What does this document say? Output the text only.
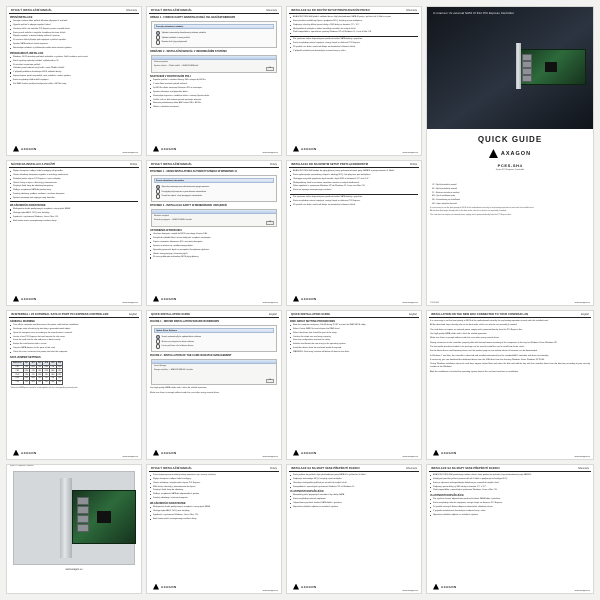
RYCHLÝ INSTALAČNÍ MANUÁL	Slovensky
PRVNÍ INSTALACE
Jemným stiskem dlaní počítač dětskou přípojnost k ochraně.
Vypněte počítač a odpojte napájecí kabel.
Otevřete skříň a do volného PCI Express pozice nasaďte kartu.
Kartu pevně zatlačte a zajistěte šroubkem do rámu skříně.
Připojte napájecí a datové kabely zařízení k portům.
Po zavření skříně připojte zpět napájení a počítač zapněte.
Systém SATA zařízení ihned rozpozná.
Nainstalujte ovladače z přiloženého média nebo stránek výrobce.
PROGRAMOVÁ INSTALACE
Windows 10/11 obsahuje potřebné ovladače v systému. Další instalace není nutná.
Starší systémy vyžadují ovladač z přiloženého CD.
Po instalaci restartujte počítač.
Ovládací panel zobrazí nový řadič v sekci Řadiče úložišť.
V případě problému aktualizujte BIOS základní desky.
Doporučujeme použít nejnovější verzi ovladače z webu výrobce.
Karta nevyžaduje žádné další napájení.
Pro RAID funkce použijte konfigurační utilitu v BIOSu karty.
AXAGON
www.axagon.eu
RYCHLÝ INSTALAČNÍ MANUÁL	Slovensky
OBSAH 1 - FUNKCE KARTY NAINSTALOVANÁ OVLADAČEM WINDOWS
Průvodce aktualizací ovladače
Vyhledat automaticky aktualizovaný software ovladače
Vyhledat ovladače v tomto počítači
Nemám disk / jiný poskytovatel
OBRÁZEK 2 - INSTALAČNÍ MANUÁL V INFORMAČNÍM SYSTÉMU
Vlastnosti systému
Správce zařízení → Řadiče úložišť → AXAGON SATA řadič
OK
NASTAVENÍ V BOOTOVACÍM POLI
Zapněte počítač a stiskem klávesy DEL vstupte do BIOSu.
V sekci Boot nastavte pořadí zařízení.
Do BIOSu uložte nastavení klávesou F10 a restartujte.
Systém nabootuje z připojeného disku.
Zkontrolujte kapacitu a rozdělení disku v nástroji Správa disků.
Ověřte, zda se disk zobrazuje pod správným názvem.
Nastavte požadovaný režim AHCI nebo IDE v BIOSu.
Uložte a ukončete nastavení.
AXAGON
www.axagon.eu
INSTALACE SA DO NOVÝM SETUP PREPOJOVACÍM PRVKU	Slovensky
AXAGON PCES-SH4 přidá k základní desce čtyři plnohodnotné SATA III porty s rychlostí až 6 Gbit/s na port.
Karta používá osvědčený čipset s podporou NCQ, hot-plug a port multiplieru.
Podporuje všechny běžné pevné disky a SSD disky ve formátu 2,5" i 3,5".
Nízkoprofilová záslepka v balení umožňuje montáž i do malých skříní.
Plně kompatibilní s operačními systémy Windows XP až Windows 11, Linux a Mac OS.
Pro správnou funkci doporučujeme používat kvalitní SATA kabely s pojistkou.
Karta nevyžaduje externí napájení, energii čerpá ze sběrnice PCI Express.
Při použití více disků současně dbejte na dostatečné chlazení skříně.
V případě nefunkčnosti zkontrolujte usazení karty ve slotu.
AXAGON
www.axagon.eu
In internal / 2x external SATA III Port PCI Express Controller
QUICK GUIDE
AXAGON
PCES-SH4
4-port PCI Express Controller
CZ - Rychlý instalační manuál
SK - Rýchly inštalačný manuál
PL - Skrócona instrukcja instalacji
EN - Quick installation guide
DE - Kurzanleitung zur Installation
HU - Gyors telepítési útmutató
It is necessary to set the boot priority in BIOS of the motherboard correctly for any booting operation to work with the installed card.
All the described steps already refer to the boot order, which can also be set manually if needed.
The card does not require an external power supply and is powered directly from the PCI Express bus.
PCES-SH4	www.axagon.eu
NÁVOD NA INSTALACI A POUŽITÍ	Polsky
Wyłącz komputer i odłącz kabel zasilający od gniazdka.
Otwórz obudowę komputera zgodnie z instrukcją producenta.
Zlokalizuj wolne złącze PCI Express i usuń zaślepkę.
Umieść kartę w złączu i dociśnij ją równomiernie.
Przykręć śledź karty do obudowy komputera.
Podłącz urządzenia SATA do portów karty.
Zamknij obudowę, podłącz zasilanie i uruchom komputer.
System automatycznie wykryje nowy kontroler.
WŁAŚCIWOŚCI DODATKOWE
Maksymalna liczba podłączonych urządzeń: cztery dyski SATA.
Obsługa trybu AHCI, NCQ oraz hot-plug.
Zgodność z systemami Windows, Linux i Mac OS.
Brak konieczności zewnętrznego zasilania karty.
AXAGON
www.axagon.eu
RYCHLÝ INSTALAČNÍ MANUÁL	Polsky
RYSUNEK 1 - OKNO INSTALATORA AUTOMATYCZNEGO W WINDOWS 11
Kreator aktualizacji sterownika
Wyszukaj automatycznie zaktualizowane oprogramowanie
Przeglądaj mój komputer w poszukiwaniu sterowników
Pozwól mi wybrać z listy dostępnych sterowników
RYSUNEK 2 - INSTALACJA KARTY W MENEDŻERZE URZĄDZEŃ
Menedżer urządzeń
Kontrolery magazynu → AXAGON SATA Controller
OK
USTAWIENIA W BIOS/UEFI
Uruchom komputer i wejdź do BIOS naciskając klawisz DEL.
Przejdź do zakładki Boot i ustaw kolejność urządzeń startowych.
Zapisz ustawienia klawiszem F10 i zrestartuj komputer.
System uruchomi się z podłączonego dysku.
Sprawdź pojemność dysku w narzędziu Zarządzanie dyskami.
Utwórz nową partycję i sformatuj dysk.
W razie problemów zaktualizuj BIOS płyty głównej.
AXAGON
www.axagon.eu
INSTALACJA DO NA NOWYM SETUP PRZYŁĄCZENIOWYM	Polsky
AXAGON PCES-SH4 dodaje do płyty głównej cztery pełnowartościowe porty SATA III o przepustowości 6 Gbit/s.
Karta wykorzystuje sprawdzony chipset z obsługą NCQ, hot-plug oraz port multipliera.
Obsługuje wszystkie popularne dyski twarde i dyski SSD w formatach 2,5" oraz 3,5".
Niskoprofilowy śledź w zestawie umożliwia montaż w małych obudowach.
Pełna zgodność z systemami Windows XP do Windows 11, Linux oraz Mac OS.
Karta nie wymaga zewnętrznego zasilania.
Pro správnou funkci doporučujeme používat kvalitní SATA kabely s pojistkou.
Karta nevyžaduje externí napájení, energii čerpá ze sběrnice PCI Express.
Při použití více disků současně dbejte na dostatečné chlazení skříně.
AXAGON
www.axagon.eu
IN INTERNAL / 2X EXTERNAL SATA III PORT PCI EXPRESS CONTROLLER	English
GENERAL WARNING
Turn off the computer and disconnect the power cable before installation.
Discharge static electricity by touching a grounded metal object.
Open the computer case according to the manufacturer's manual.
Locate a free PCI Express slot and remove the slot cover.
Insert the card into the slot and press it down evenly.
Fasten the card bracket with a screw.
Connect SATA devices to the ports of the card.
Close the case, reconnect the power and start the computer.
SATA JUMPER SETTINGS
SATA Port	JP1	JP2	JP3	JP4	JP5	JP6
CN1	ON	OFF	ON	OFF	ON	OFF
CN2	OFF	ON	ON	OFF	OFF	ON
CN3*	ON	ON	OFF	ON	OFF	OFF
CN4*	OFF	OFF	OFF	ON	ON	ON
CN5	ON	OFF	ON	ON	OFF	ON
* External eSATA ports cannot be used together with the corresponding internal ports.
AXAGON
www.axagon.eu
QUICK INSTALLATION GUIDE	English
FIGURE 1 - DRIVER INSTALLATION WIZARD IN WINDOWS
Update Driver Software
Search automatically for updated driver software
Browse my computer for driver software
Let me pick from a list of device drivers
FIGURE 2 - INSTALLATION OF THE CARD IN DEVICE MANAGEMENT
Device Manager
Storage controllers → AXAGON SATA 6G Controller
OK
Use high quality SATA cables with a latch for reliable operation.
Make sure there is enough airflow inside the case when using several drives.
AXAGON
www.axagon.eu
QUICK INSTALLATION GUIDE	English
DISK ARRAY SETTING PROCEDURES
Boot the computer and press Ctrl+M during POST to enter the RAID BIOS utility.
Select Create RAID Set and choose the RAID level.
Select the drives that should be part of the array.
Confirm the stripe size and array capacity.
Save the configuration and exit the utility.
Initialize and format the new array in the operating system.
Install the drivers from the enclosed media if required.
WARNING: Disk array creation will delete all data on the disks.
AXAGON
www.axagon.eu
INSTALLATION ON THE NEW BOX CONNECTED TO YOUR COM/WAN LAN	English
It is necessary to set the boot priority in BIOS of the motherboard correctly for any booting operation to work with the installed card.
All the described steps already refer to the boot order, which can also be set manually if needed.
The card does not require an external power supply and is powered directly from the PCI Express bus.
Use high quality SATA cables with a latch for reliable operation.
Make sure there is enough airflow inside the case when using several drives.
Strong connection to the controller, properly able with thermal-aware mounting of the component in the tray for Windows Driver Windows XP.
The low profile bracket included in the package can be used to install the card in small form factor cases.
For the latest drivers and firmware please visit the product page on our website where all versions can be downloaded.
In Windows 7 and later, the controller is detected and installed automatically at the standard AHCI controller with basic functionality.
If necessary, you can download the dedicated driver from the USB drive from the directory Windows Driver Windows XP 32/64.
Timing Windows installation when the card does appear, below Boot and select the disk and add the key with the controller driver from the directory according to your security number of the Windows.
After the installation is finished the operating system detects the card and continues in installation.
AXAGON
www.axagon.eu
4-port PCI Express Controller
www.axagon.eu
RYCHLÝ INSTALAČNÍ MANUÁL	Polsky
Przed rozpoczęciem instalacji należy zapoznać się z treścią instrukcji.
Wyłącz komputer i odłącz kabel zasilający.
Otwórz obudowę i znajdź wolne złącze PCI Express.
Włóż kartę i dociśnij ją równomiernie do złącza.
Przykręć śledź karty do obudowy.
Podłącz urządzenia SATA do odpowiednich portów.
Zamknij obudowę i uruchom komputer.
WŁAŚCIWOŚCI DODATKOWE
Maksymalna liczba podłączonych urządzeń: cztery dyski SATA.
Obsługa trybu AHCI, NCQ oraz hot-plug.
Zgodność z systemami Windows, Linux i Mac OS.
Brak konieczności zewnętrznego zasilania karty.
AXAGON
www.axagon.eu
INSTALACE SA NA MAPY SESE PŘEPÍNUTÍ RADIOU	Slovensky
Karta pridáva do počítača štyri plnohodnotné porty SATA III s rýchlosťou 6 Gbit/s.
Podporuje technológie NCQ, hot-plug a port multiplier.
Obsahuje nízkoprofilový držiak pre montáž do malých skríň.
Kompatibilná s operačnými systémami Windows XP až Windows 11.
VLASTNOSTI DOPLŇUJÚCE
Maximálny počet pripojených zariadení: štyri disky SATA.
Karta nevyžaduje externé napájanie.
Odporúčame používať kvalitné SATA káble s poistkou.
Najnovšie ovládače nájdete na stránkach výrobcu.
AXAGON
www.axagon.eu
INSTALACE SA NA MAPY SESE PŘEPÍNUTÍ RADIOU	Slovensky
AXAGON PCES-SH4 predstavuje riadiacu kartu, ktorá pridáva do počítača štyri plnohodnotné porty SATA III.
Každý port ponúka rýchlosť prenosu dát až 6 Gbit/s a podporuje technológiu NCQ.
Karta je vybavená nízkoprofilovým držiakom pre montáž do malých skríň.
Podporuje pevné disky aj SSD disky vo formáte 2,5" a 3,5".
Plná kompatibilita s operačnými systémami Windows, Linux a Mac OS.
VLASTNOSTI DOPLŇUJÚCE
Pre správnu činnosť odporúčame používať kvalitné SATA káble s poistkou.
Karta nevyžaduje externé napájanie, energiu čerpá zo zbernice PCI Express.
Pri použití viacerých diskov dbajte na dostatočné chladenie skrine.
V prípade nefunkčnosti skontrolujte usadenie karty v slote.
Najnovšie ovládače nájdete na stránkach výrobcu.
AXAGON
www.axagon.eu
